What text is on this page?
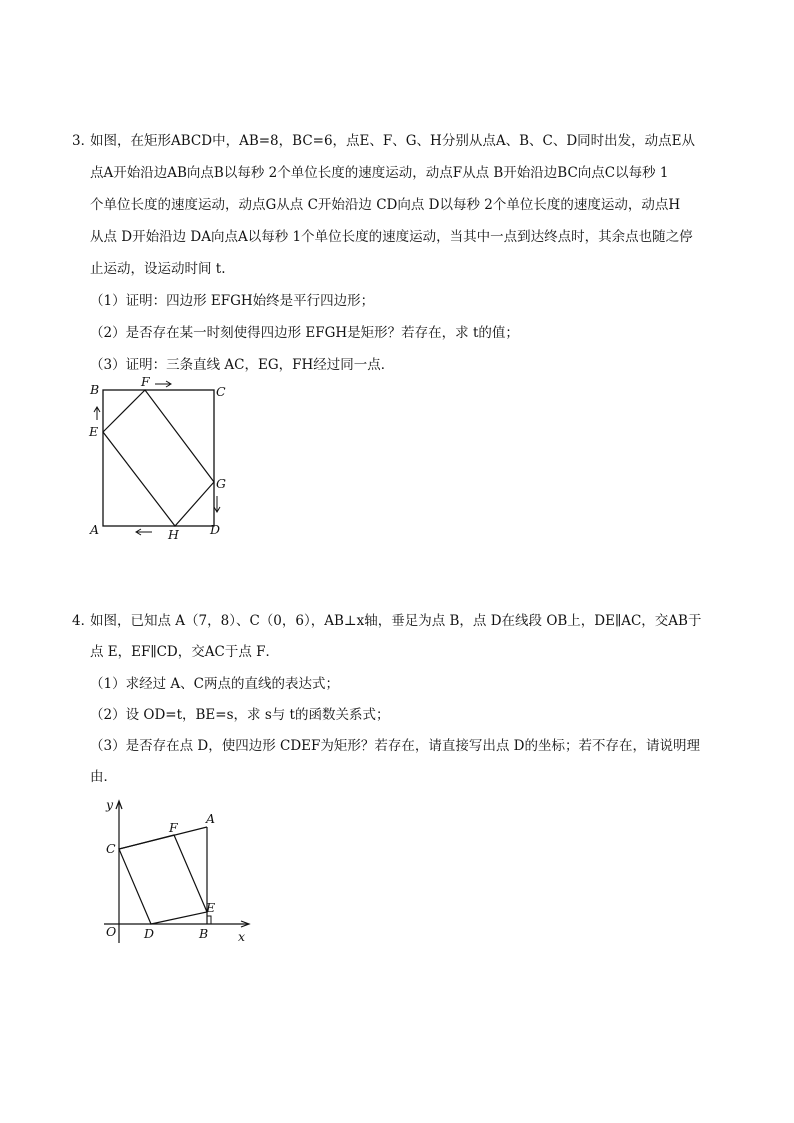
3．
如图，在矩形ABCD中，AB=8，BC=6，点E、F、G、H分别从点A、B、C、D同时出发，动点E从
点A开始沿边AB向点B以每秒 2个单位长度的速度运动，动点F从点 B开始沿边BC向点C以每秒 1
个单位长度的速度运动，动点G从点 C开始沿边 CD向点 D以每秒 2个单位长度的速度运动，动点H
从点 D开始沿边 DA向点A以每秒 1个单位长度的速度运动，当其中一点到达终点时，其余点也随之停
止运动，设运动时间 t.
（1）证明：四边形 EFGH始终是平行四边形；
（2）是否存在某一时刻使得四边形 EFGH是矩形？若存在，求 t的值；
（3）证明：三条直线 AC，EG，FH经过同一点．
B
F
C
E
G
A	H D
4．
如图，已知点 A（7，8）、C（0，6），AB⊥x轴，垂足为点 B，点 D在线段 OB上，DE∥AC，交AB于
点 E，EF∥CD，交AC于点 F．
（1）求经过 A、C两点的直线的表达式；
（2）设 OD=t，BE=s，求 s与 t的函数关系式；
（3）是否存在点 D，使四边形 CDEF为矩形？若存在，请直接写出点 D的坐标；若不存在，请说明理
由．
y
A
F
C
E
O D	B x
